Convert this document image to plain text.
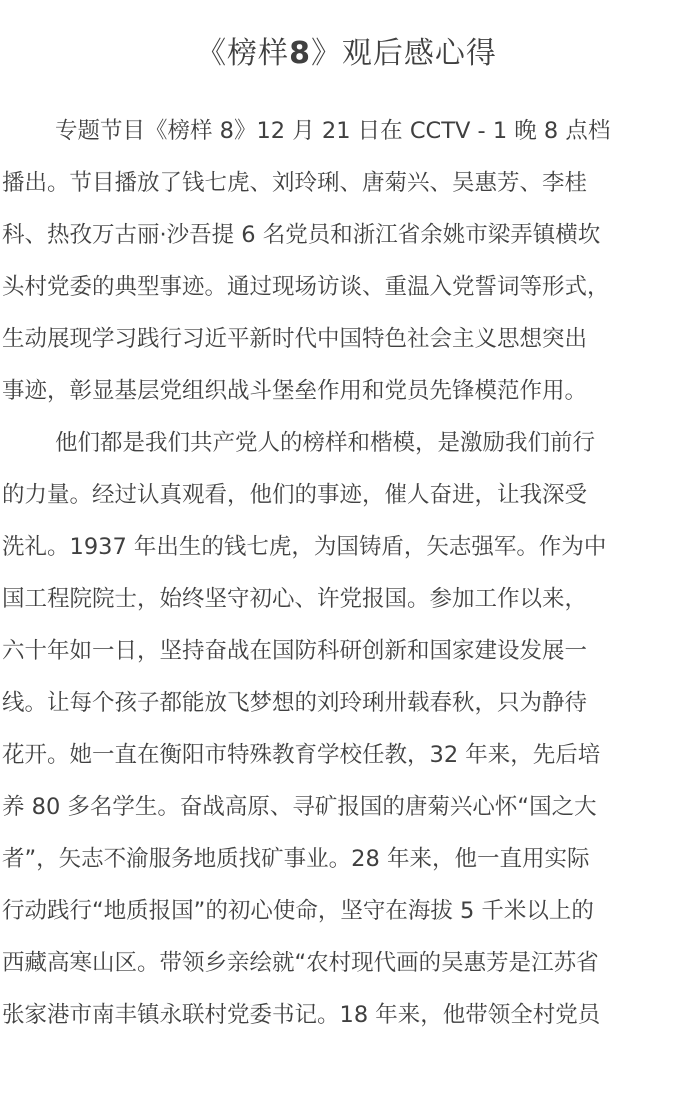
《榜样8》观后感心得
专题节目《榜样 8》12 月 21 日在 CCTV - 1 晚 8 点档
播出。节目播放了钱七虎、刘玲琍、唐菊兴、吴惠芳、李桂
科、热孜万古丽·沙吾提 6 名党员和浙江省余姚市梁弄镇横坎
头村党委的典型事迹。通过现场访谈、重温入党誓词等形式，
生动展现学习践行习近平新时代中国特色社会主义思想突出
事迹，彰显基层党组织战斗堡垒作用和党员先锋模范作用。
他们都是我们共产党人的榜样和楷模，是激励我们前行
的力量。经过认真观看，他们的事迹，催人奋进，让我深受
洗礼。1937 年出生的钱七虎，为国铸盾，矢志强军。作为中
国工程院院士，始终坚守初心、许党报国。参加工作以来，
六十年如一日，坚持奋战在国防科研创新和国家建设发展一
线。让每个孩子都能放飞梦想的刘玲琍卅载春秋，只为静待
花开。她一直在衡阳市特殊教育学校任教，32 年来，先后培
养 80 多名学生。奋战高原、寻矿报国的唐菊兴心怀“国之大
者”，矢志不渝服务地质找矿事业。28 年来，他一直用实际
行动践行“地质报国”的初心使命，坚守在海拔 5 千米以上的
西藏高寒山区。带领乡亲绘就“农村现代画的吴惠芳是江苏省
张家港市南丰镇永联村党委书记。18 年来，他带领全村党员
